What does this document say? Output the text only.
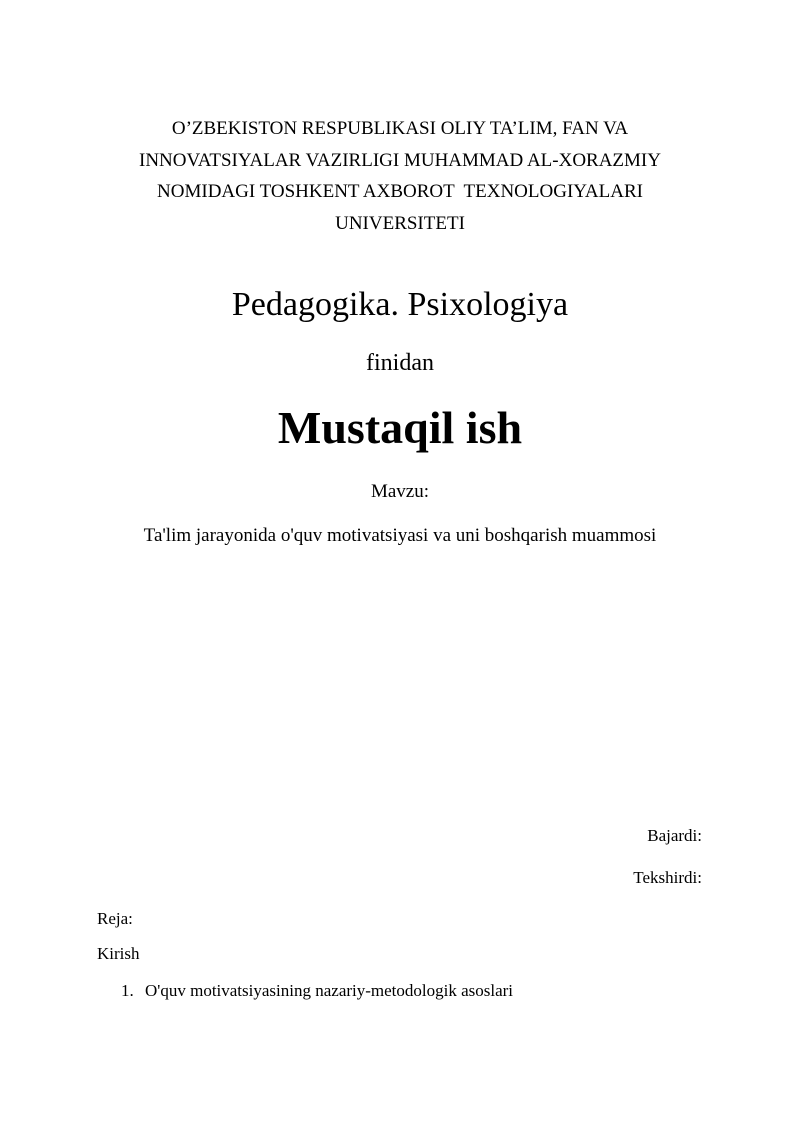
O’ZBEKISTON RESPUBLIKASI OLIY TA’LIM, FAN VA
INNOVATSIYALAR VAZIRLIGI MUHAMMAD AL-XORAZMIY
NOMIDAGI TOSHKENT AXBOROT  TEXNOLOGIYALARI
UNIVERSITETI
Pedagogika. Psixologiya
finidan
Mustaqil ish
Mavzu:
Ta'lim jarayonida o'quv motivatsiyasi va uni boshqarish muammosi
Bajardi:
Tekshirdi:
Reja:
Kirish
1. O'quv motivatsiyasining nazariy-metodologik asoslari
